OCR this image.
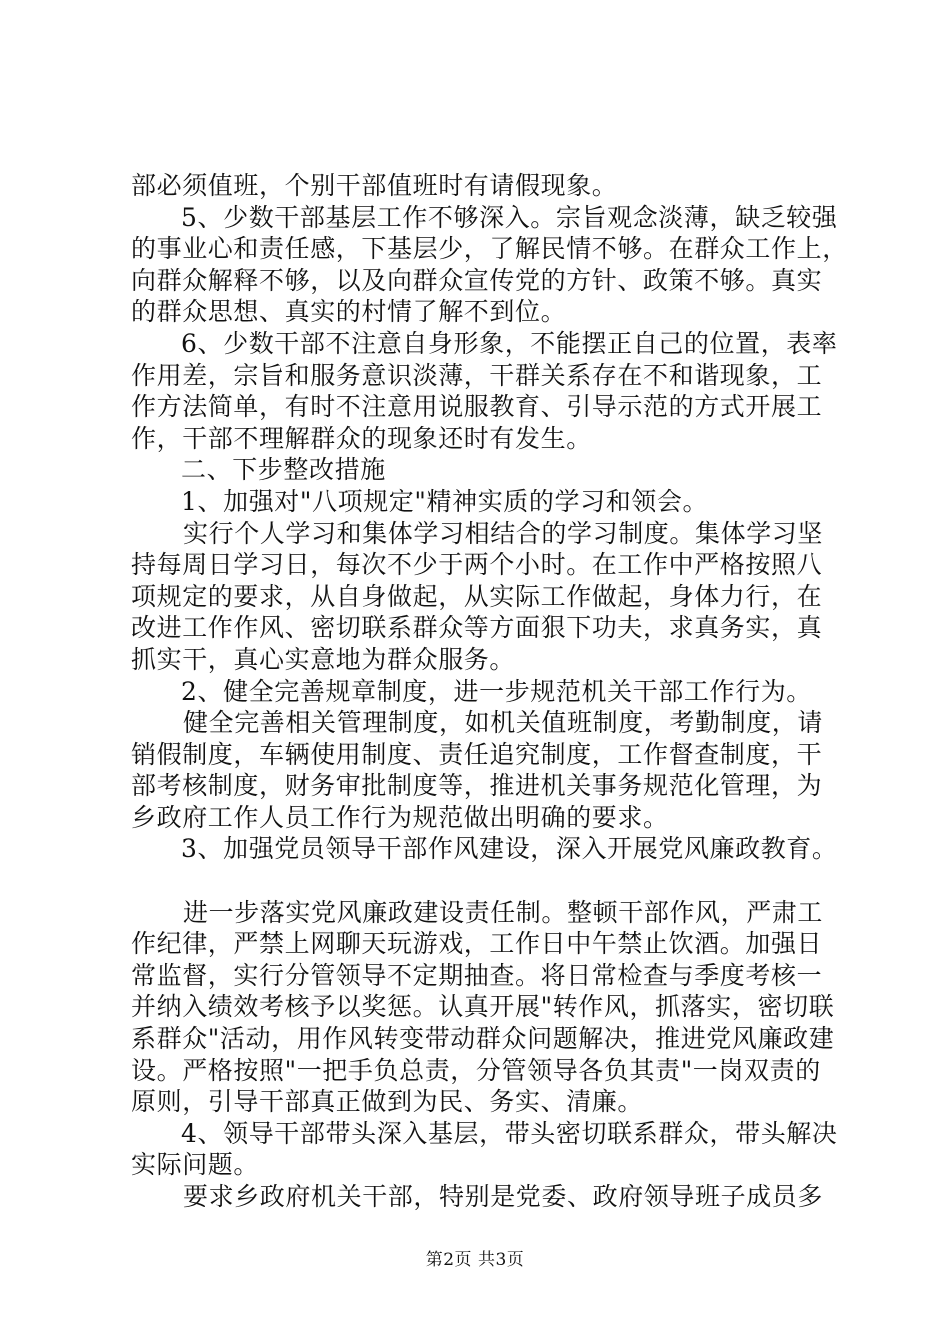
部必须值班，个别干部值班时有请假现象。
5、少数干部基层工作不够深入。宗旨观念淡薄，缺乏较强
的事业心和责任感，下基层少，了解民情不够。在群众工作上，
向群众解释不够，以及向群众宣传党的方针、政策不够。真实
的群众思想、真实的村情了解不到位。
6、少数干部不注意自身形象，不能摆正自己的位置，表率
作用差，宗旨和服务意识淡薄，干群关系存在不和谐现象，工
作方法简单，有时不注意用说服教育、引导示范的方式开展工
作，干部不理解群众的现象还时有发生。
二、下步整改措施
1、加强对"八项规定"精神实质的学习和领会。
实行个人学习和集体学习相结合的学习制度。集体学习坚
持每周日学习日，每次不少于两个小时。在工作中严格按照八
项规定的要求，从自身做起，从实际工作做起，身体力行，在
改进工作作风、密切联系群众等方面狠下功夫，求真务实，真
抓实干，真心实意地为群众服务。
2、健全完善规章制度，进一步规范机关干部工作行为。
健全完善相关管理制度，如机关值班制度，考勤制度，请
销假制度，车辆使用制度、责任追究制度，工作督查制度，干
部考核制度，财务审批制度等，推进机关事务规范化管理，为
乡政府工作人员工作行为规范做出明确的要求。
3、加强党员领导干部作风建设，深入开展党风廉政教育。
进一步落实党风廉政建设责任制。整顿干部作风，严肃工
作纪律，严禁上网聊天玩游戏，工作日中午禁止饮酒。加强日
常监督，实行分管领导不定期抽查。将日常检查与季度考核一
并纳入绩效考核予以奖惩。认真开展"转作风，抓落实，密切联
系群众"活动，用作风转变带动群众问题解决，推进党风廉政建
设。严格按照"一把手负总责，分管领导各负其责"一岗双责的
原则，引导干部真正做到为民、务实、清廉。
4、领导干部带头深入基层，带头密切联系群众，带头解决
实际问题。
要求乡政府机关干部，特别是党委、政府领导班子成员多
第2页 共3页
